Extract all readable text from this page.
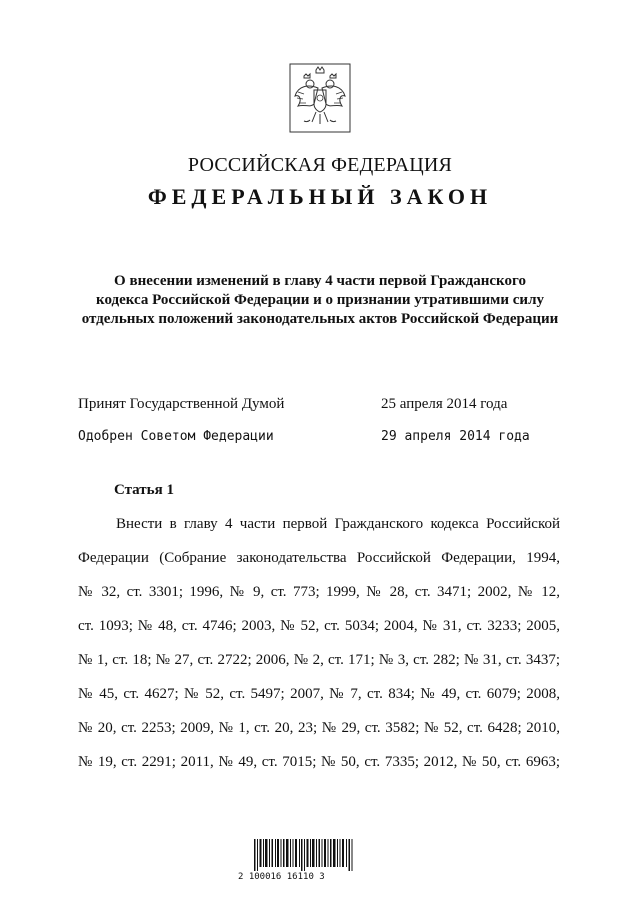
РОССИЙСКАЯ ФЕДЕРАЦИЯ
ФЕДЕРАЛЬНЫЙ ЗАКОН
О внесении изменений в главу 4 части первой Гражданского
кодекса Российской Федерации и о признании утратившими силу
отдельных положений законодательных актов Российской Федерации
Принят Государственной Думой	25 апреля 2014 года
Одобрен Советом Федерации	29 апреля 2014 года
Статья 1
Внести в главу 4 части первой Гражданского кодекса Российской
Федерации (Собрание законодательства Российской Федерации, 1994,
№ 32, ст. 3301; 1996, № 9, ст. 773; 1999, № 28, ст. 3471; 2002, № 12,
ст. 1093; № 48, ст. 4746; 2003, № 52, ст. 5034; 2004, № 31, ст. 3233; 2005,
№ 1, ст. 18; № 27, ст. 2722; 2006, № 2, ст. 171; № 3, ст. 282; № 31, ст. 3437;
№ 45, ст. 4627; № 52, ст. 5497; 2007, № 7, ст. 834; № 49, ст. 6079; 2008,
№ 20, ст. 2253; 2009, № 1, ст. 20, 23; № 29, ст. 3582; № 52, ст. 6428; 2010,
№ 19, ст. 2291; 2011, № 49, ст. 7015; № 50, ст. 7335; 2012, № 50, ст. 6963;
2 100016 16110 3
